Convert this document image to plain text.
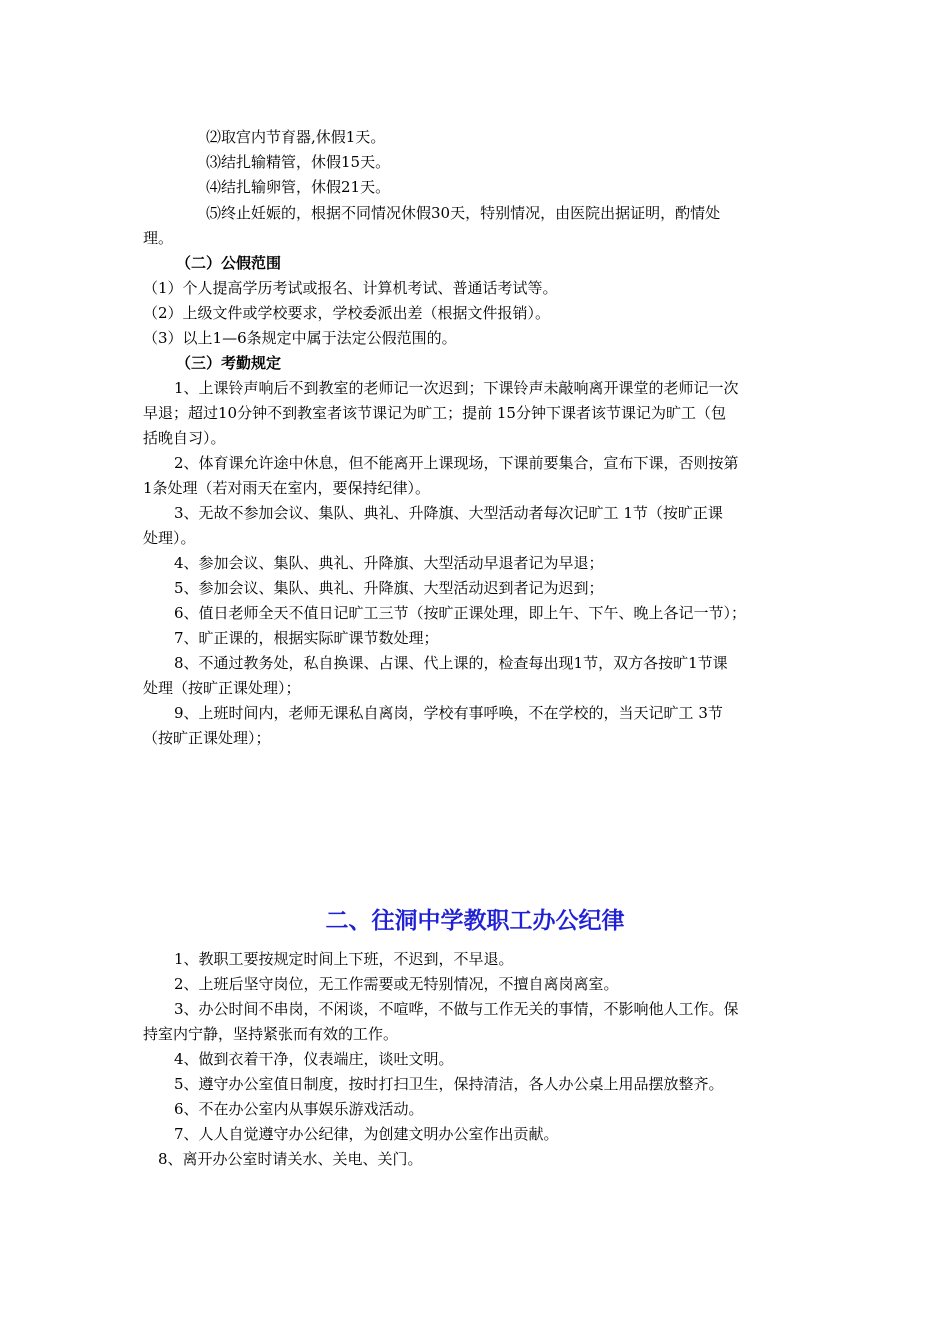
⑵取宫内节育器,休假1天。
⑶结扎输精管，休假15天。
⑷结扎输卵管，休假21天。
⑸终止妊娠的，根据不同情况休假30天，特别情况，由医院出据证明，酌情处
理。
（二）公假范围
（1）个人提高学历考试或报名、计算机考试、普通话考试等。
（2）上级文件或学校要求，学校委派出差（根据文件报销）。
（3）以上1—6条规定中属于法定公假范围的。
（三）考勤规定
1、上课铃声响后不到教室的老师记一次迟到；下课铃声未敲响离开课堂的老师记一次
早退；超过10分钟不到教室者该节课记为旷工；提前 15分钟下课者该节课记为旷工（包
括晚自习）。
2、体育课允许途中休息，但不能离开上课现场，下课前要集合，宣布下课，否则按第
1条处理（若对雨天在室内，要保持纪律）。
3、无故不参加会议、集队、典礼、升降旗、大型活动者每次记旷工 1节（按旷正课
处理）。
4、参加会议、集队、典礼、升降旗、大型活动早退者记为早退；
5、参加会议、集队、典礼、升降旗、大型活动迟到者记为迟到；
6、值日老师全天不值日记旷工三节（按旷正课处理，即上午、下午、晚上各记一节）；
7、旷正课的，根据实际旷课节数处理；
8、不通过教务处，私自换课、占课、代上课的，检查每出现1节，双方各按旷1节课
处理（按旷正课处理）；
9、上班时间内，老师无课私自离岗，学校有事呼唤，不在学校的，当天记旷工 3节
（按旷正课处理）；
二、往洞中学教职工办公纪律
1、教职工要按规定时间上下班，不迟到，不早退。
2、上班后坚守岗位，无工作需要或无特别情况，不擅自离岗离室。
3、办公时间不串岗，不闲谈，不喧哗，不做与工作无关的事情，不影响他人工作。保
持室内宁静，坚持紧张而有效的工作。
4、做到衣着干净，仪表端庄，谈吐文明。
5、遵守办公室值日制度，按时打扫卫生，保持清洁，各人办公桌上用品摆放整齐。
6、不在办公室内从事娱乐游戏活动。
7、人人自觉遵守办公纪律，为创建文明办公室作出贡献。
8、离开办公室时请关水、关电、关门。
